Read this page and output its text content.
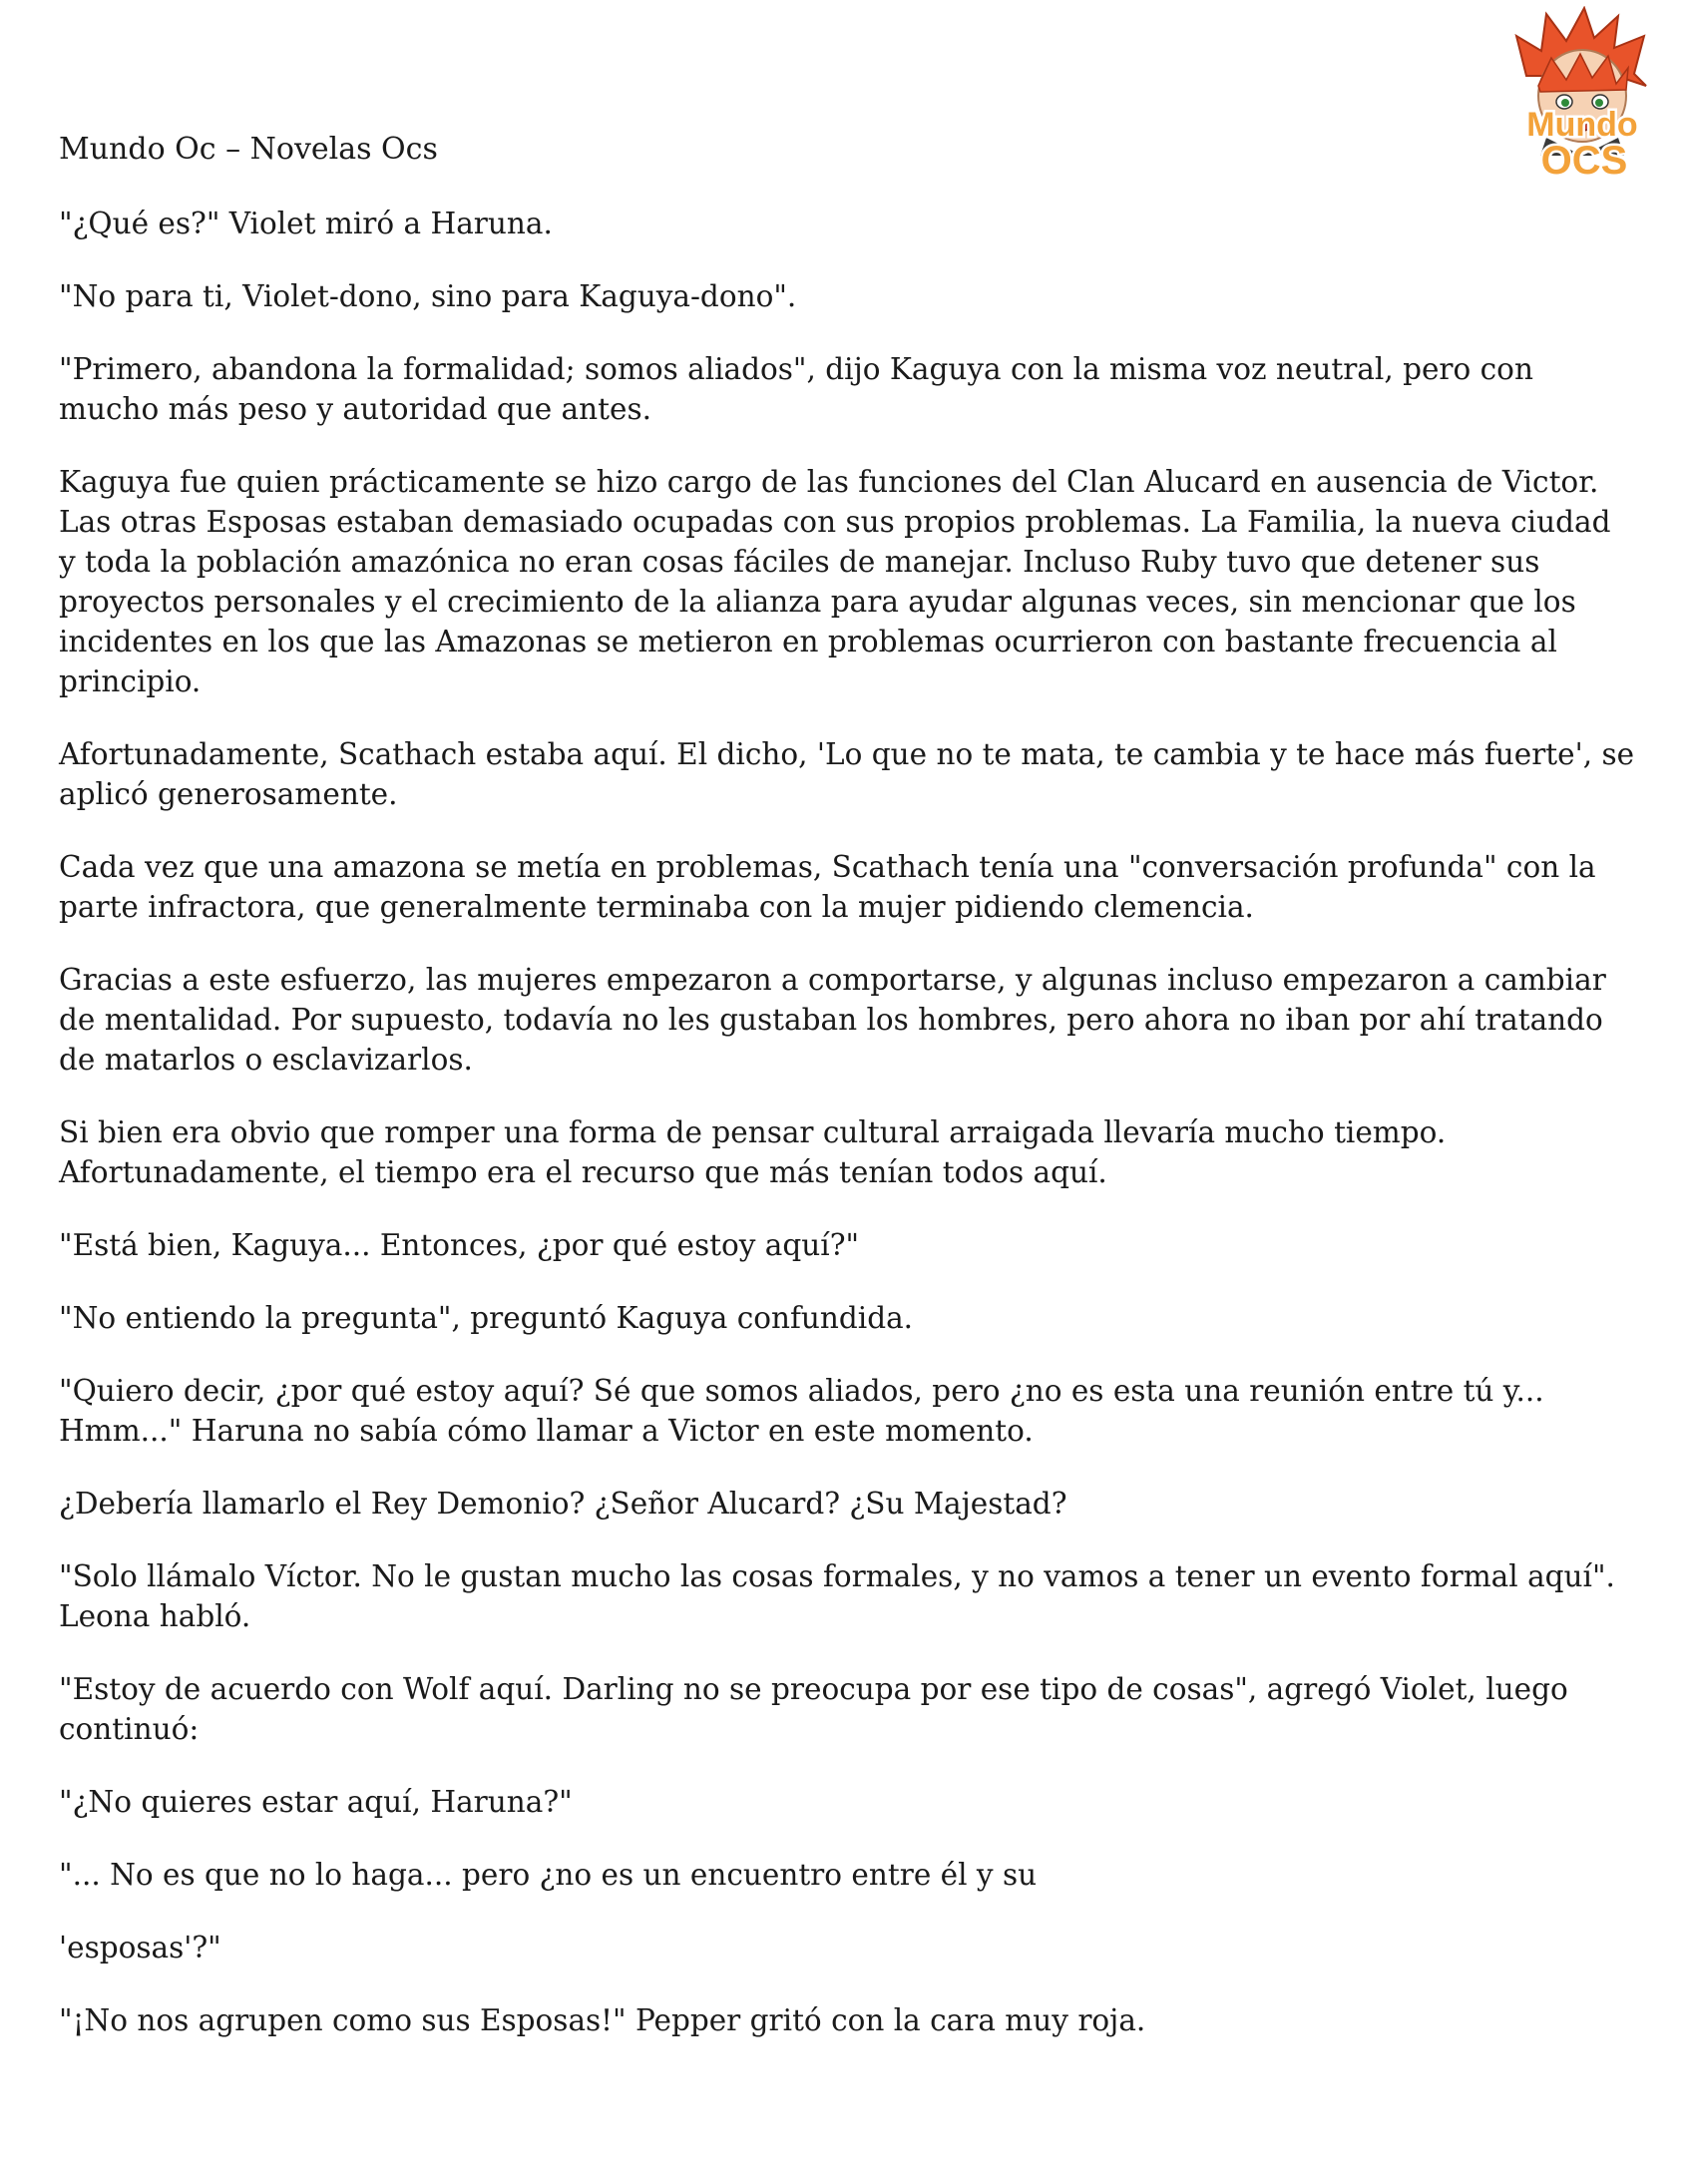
Mundo
OCS
Mundo Oc – Novelas Ocs

"¿Qué es?" Violet miró a Haruna.

"No para ti, Violet-dono, sino para Kaguya-dono".

"Primero, abandona la formalidad; somos aliados", dijo Kaguya con la misma voz neutral, pero con mucho más peso y autoridad que antes.

Kaguya fue quien prácticamente se hizo cargo de las funciones del Clan Alucard en ausencia de Victor. Las otras Esposas estaban demasiado ocupadas con sus propios problemas. La Familia, la nueva ciudad y toda la población amazónica no eran cosas fáciles de manejar. Incluso Ruby tuvo que detener sus proyectos personales y el crecimiento de la alianza para ayudar algunas veces, sin mencionar que los incidentes en los que las Amazonas se metieron en problemas ocurrieron con bastante frecuencia al principio.

Afortunadamente, Scathach estaba aquí. El dicho, 'Lo que no te mata, te cambia y te hace más fuerte', se aplicó generosamente.

Cada vez que una amazona se metía en problemas, Scathach tenía una "conversación profunda" con la parte infractora, que generalmente terminaba con la mujer pidiendo clemencia.

Gracias a este esfuerzo, las mujeres empezaron a comportarse, y algunas incluso empezaron a cambiar de mentalidad. Por supuesto, todavía no les gustaban los hombres, pero ahora no iban por ahí tratando de matarlos o esclavizarlos.

Si bien era obvio que romper una forma de pensar cultural arraigada llevaría mucho tiempo. Afortunadamente, el tiempo era el recurso que más tenían todos aquí.

"Está bien, Kaguya... Entonces, ¿por qué estoy aquí?"

"No entiendo la pregunta", preguntó Kaguya confundida.

"Quiero decir, ¿por qué estoy aquí? Sé que somos aliados, pero ¿no es esta una reunión entre tú y... Hmm..." Haruna no sabía cómo llamar a Victor en este momento.

¿Debería llamarlo el Rey Demonio? ¿Señor Alucard? ¿Su Majestad?

"Solo llámalo Víctor. No le gustan mucho las cosas formales, y no vamos a tener un evento formal aquí". Leona habló.

"Estoy de acuerdo con Wolf aquí. Darling no se preocupa por ese tipo de cosas", agregó Violet, luego continuó:

"¿No quieres estar aquí, Haruna?"

"... No es que no lo haga... pero ¿no es un encuentro entre él y su

'esposas'?"

"¡No nos agrupen como sus Esposas!" Pepper gritó con la cara muy roja.
